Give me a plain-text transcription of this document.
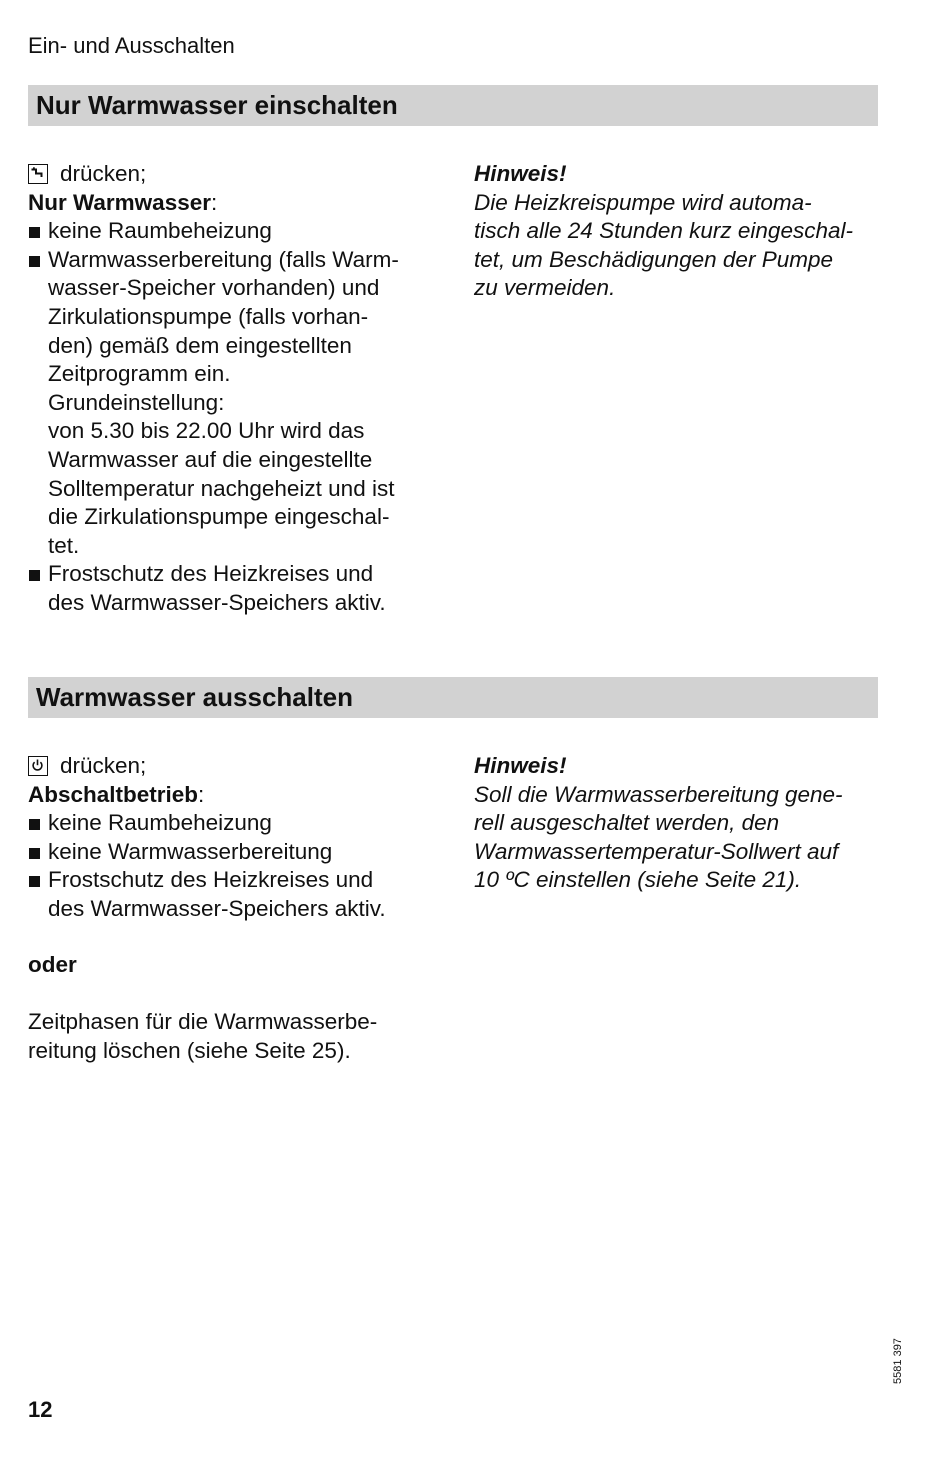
Ein- und Ausschalten
Nur Warmwasser einschalten

drücken;

Nur Warmwasser:

keine Raumbeheizung
Warmwasserbereitung (falls Warm-
wasser-Speicher vorhanden) und
Zirkulationspumpe (falls vorhan-
den) gemäß dem eingestellten
Zeitprogramm ein.
Grundeinstellung:
von 5.30 bis 22.00 Uhr wird das
Warmwasser auf die eingestellte
Solltemperatur nachgeheizt und ist
die Zirkulationspumpe eingeschal-
tet.
Frostschutz des Heizkreises und
des Warmwasser-Speichers aktiv.

Hinweis!

Die Heizkreispumpe wird automa-

tisch alle 24 Stunden kurz eingeschal-

tet, um Beschädigungen der Pumpe

zu vermeiden.

Warmwasser ausschalten

drücken;

Abschaltbetrieb:

keine Raumbeheizung
keine Warmwasserbereitung
Frostschutz des Heizkreises und
des Warmwasser-Speichers aktiv.
oder

Zeitphasen für die Warmwasserbe-

reitung löschen (siehe Seite 25).

Hinweis!

Soll die Warmwasserbereitung gene-

rell ausgeschaltet werden, den

Warmwassertemperatur-Sollwert auf

10 ºC einstellen (siehe Seite 21).

5581 397
12
